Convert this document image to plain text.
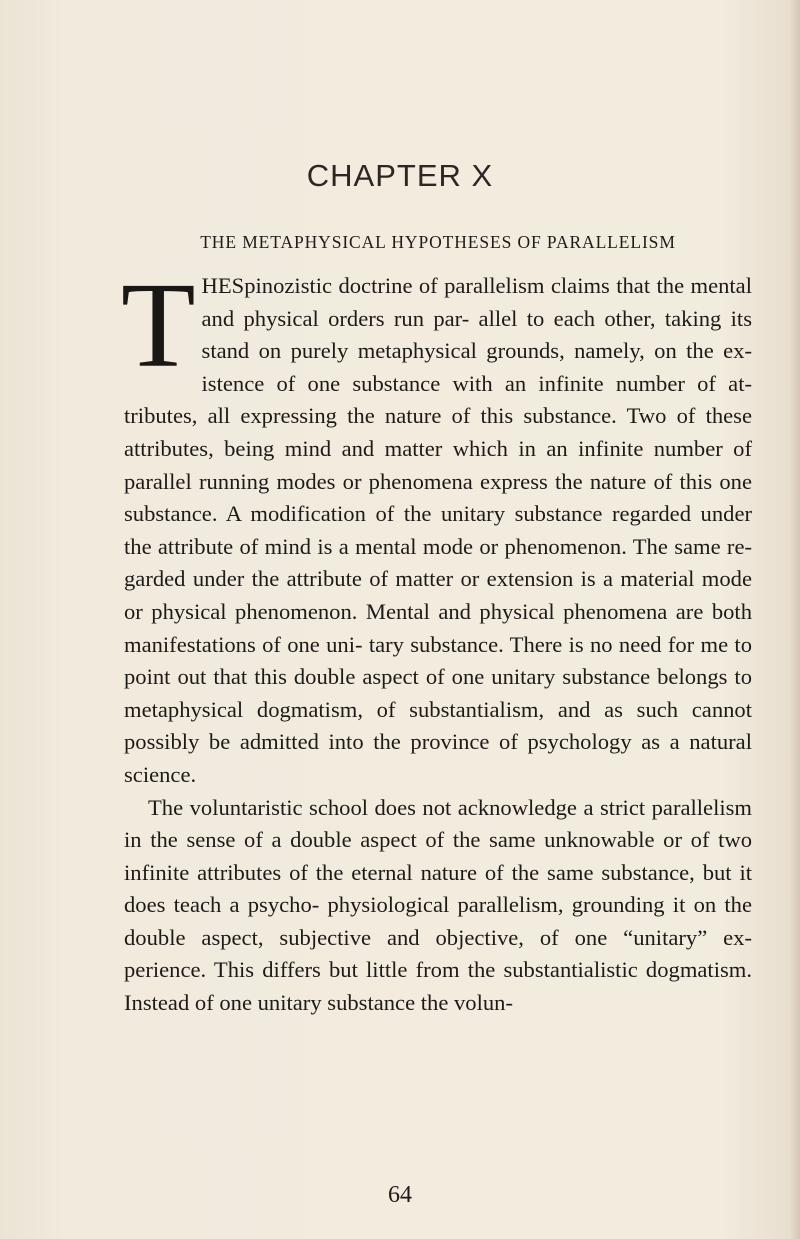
CHAPTER X
THE METAPHYSICAL HYPOTHESES OF PARALLELISM

T HESpinozistic doctrine of parallelism claims that the mental and physical orders run par- allel to each other, taking its stand on purely metaphysical grounds, namely, on the ex- istence of one substance with an infinite number of at- tributes, all expressing the nature of this substance. Two of these attributes, being mind and matter which in an infinite number of parallel running modes or phenomena express the nature of this one substance. A modification of the unitary substance regarded under the attribute of mind is a mental mode or phenomenon. The same re- garded under the attribute of matter or extension is a material mode or physical phenomenon. Mental and physical phenomena are both manifestations of one uni- tary substance. There is no need for me to point out that this double aspect of one unitary substance belongs to metaphysical dogmatism, of substantialism, and as such cannot possibly be admitted into the province of psychology as a natural science.

The voluntaristic school does not acknowledge a strict parallelism in the sense of a double aspect of the same unknowable or of two infinite attributes of the eternal nature of the same substance, but it does teach a psycho- physiological parallelism, grounding it on the double aspect, subjective and objective, of one “unitary” ex- perience. This differs but little from the substantialistic dogmatism. Instead of one unitary substance the volun-

64
